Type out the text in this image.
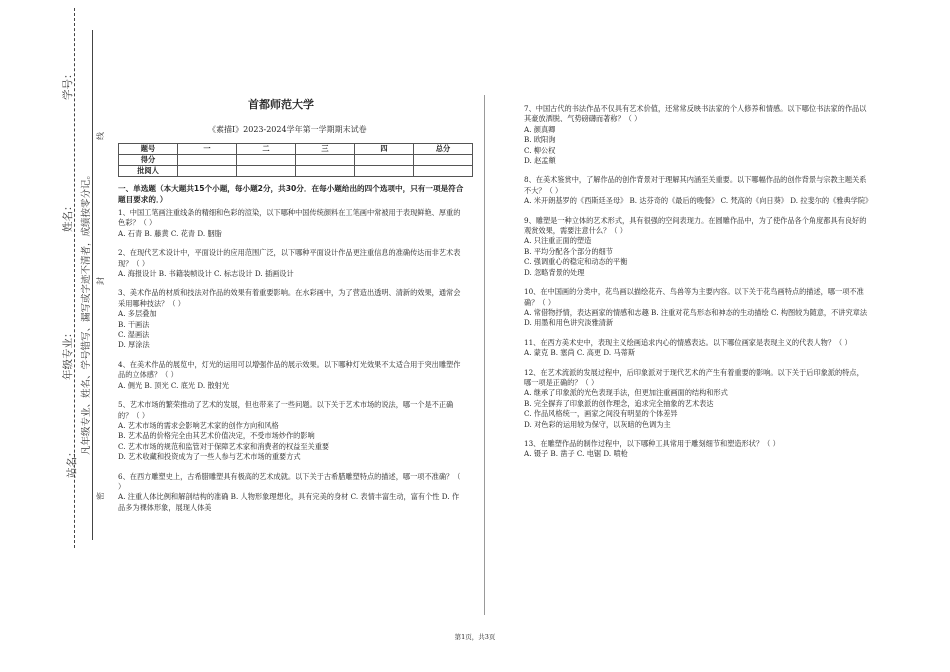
学号：
姓名：
年级专业：
站名：
凡年级专业、姓名、学号错写、漏写或字迹不清者，成绩按零分记。
密
封
线
首都师范大学
《素描Ⅰ》2023-2024学年第一学期期末试卷
题号	一	二	三	四	总分
得分					
批阅人					
一、单选题（本大题共15个小题，每小题2分，共30分．在每小题给出的四个选项中，只有一项是符合题目要求的．）

1、中国工笔画注重线条的精细和色彩的渲染，以下哪种中国传统颜料在工笔画中常被用于表现鲜艳、厚重的色彩？（ ）

A. 石青 B. 藤黄 C. 花青 D. 胭脂

2、在现代艺术设计中，平面设计的应用范围广泛，以下哪种平面设计作品更注重信息的准确传达而非艺术表现？（ ）

A. 海报设计 B. 书籍装帧设计 C. 标志设计 D. 插画设计

3、美术作品的材质和技法对作品的效果有着重要影响。在水彩画中，为了营造出透明、清新的效果，通常会采用哪种技法？（ ）

A. 多层叠加

B. 干画法

C. 湿画法

D. 厚涂法

4、在美术作品的展览中，灯光的运用可以增强作品的展示效果。以下哪种灯光效果不太适合用于突出雕塑作品的立体感？（ ）

A. 侧光 B. 顶光 C. 底光 D. 散射光

5、艺术市场的繁荣推动了艺术的发展，但也带来了一些问题。以下关于艺术市场的说法，哪一个是不正确的？（ ）

A. 艺术市场的需求会影响艺术家的创作方向和风格

B. 艺术品的价格完全由其艺术价值决定，不受市场炒作的影响

C. 艺术市场的规范和监管对于保障艺术家和消费者的权益至关重要

D. 艺术收藏和投资成为了一些人参与艺术市场的重要方式

6、在西方雕塑史上，古希腊雕塑具有极高的艺术成就。以下关于古希腊雕塑特点的描述，哪一项不准确？（ ）

A. 注重人体比例和解剖结构的准确 B. 人物形象理想化，具有完美的身材 C. 表情丰富生动，富有个性 D. 作品多为裸体形象，展现人体美

7、中国古代的书法作品不仅具有艺术价值，还常常反映书法家的个人修养和情感。以下哪位书法家的作品以其豪放洒脱、气势磅礴而著称？（ ）

A. 颜真卿

B. 欧阳询

C. 柳公权

D. 赵孟頫

8、在美术鉴赏中，了解作品的创作背景对于理解其内涵至关重要。以下哪幅作品的创作背景与宗教主题关系不大？（ ）

A. 米开朗基罗的《西斯廷圣母》 B. 达芬奇的《最后的晚餐》 C. 梵高的《向日葵》 D. 拉斐尔的《雅典学院》

9、雕塑是一种立体的艺术形式，具有很强的空间表现力。在圆雕作品中，为了使作品各个角度都具有良好的观赏效果，需要注意什么？（ ）

A. 只注重正面的塑造

B. 平均分配各个部分的细节

C. 强调重心的稳定和动态的平衡

D. 忽略背景的处理

10、在中国画的分类中，花鸟画以描绘花卉、鸟兽等为主要内容。以下关于花鸟画特点的描述，哪一项不准确？（ ）

A. 常借物抒情，表达画家的情感和志趣 B. 注重对花鸟形态和神态的生动描绘 C. 构图较为随意，不讲究章法 D. 用墨和用色讲究淡雅清新

11、在西方美术史中，表现主义绘画追求内心的情感表达。以下哪位画家是表现主义的代表人物？（ ）

A. 蒙克 B. 塞尚 C. 高更 D. 马蒂斯

12、在艺术流派的发展过程中，后印象派对于现代艺术的产生有着重要的影响。以下关于后印象派的特点，哪一项是正确的？（ ）

A. 继承了印象派的光色表现手法，但更加注重画面的结构和形式

B. 完全摒弃了印象派的创作理念，追求完全抽象的艺术表达

C. 作品风格统一，画家之间没有明显的个体差异

D. 对色彩的运用较为保守，以灰暗的色调为主

13、在雕塑作品的制作过程中，以下哪种工具常用于雕刻细节和塑造形状？（ ）

A. 镊子 B. 凿子 C. 电锯 D. 喷枪

第1页，共3页
